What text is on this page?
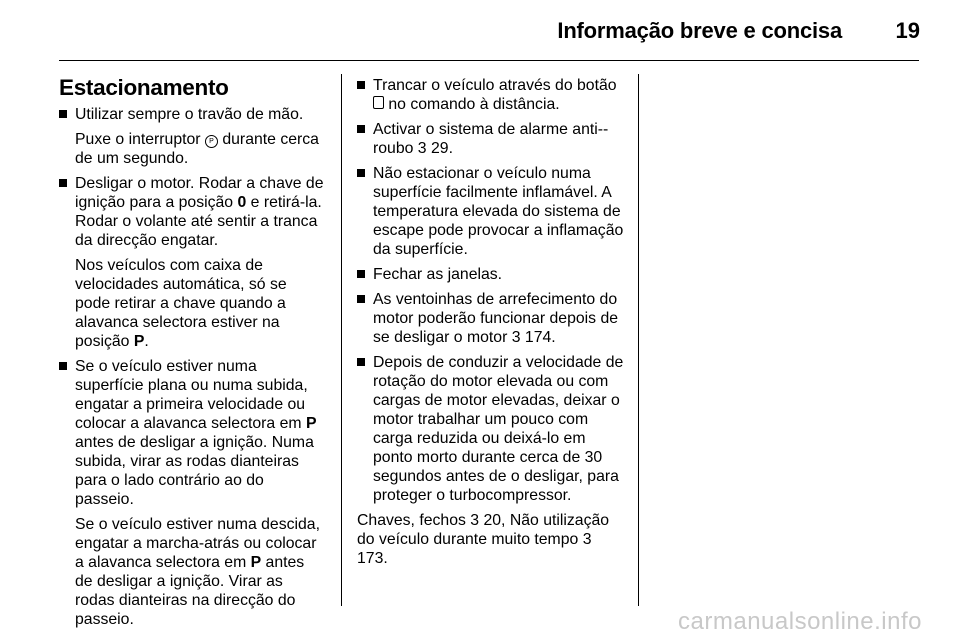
Informação breve e concisa 19
Estacionamento
Utilizar sempre o travão de mão.
Puxe o interruptor P durante cerca de um segundo.
Desligar o motor. Rodar a chave de ignição para a posição 0 e retirá-la. Rodar o volante até sentir a tranca da direcção engatar.
Nos veículos com caixa de velocidades automática, só se pode retirar a chave quando a alavanca selectora estiver na posição P.
Se o veículo estiver numa superfície plana ou numa subida, engatar a primeira velocidade ou colocar a alavanca selectora em P antes de desligar a ignição. Numa subida, virar as rodas dianteiras para o lado contrário ao do passeio.
Se o veículo estiver numa descida, engatar a marcha-atrás ou colocar a alavanca selectora em P antes de desligar a ignição. Virar as rodas dianteiras na direcção do passeio.
Trancar o veículo através do botão  no comando à distância.
Activar o sistema de alarme anti--roubo 3 29.
Não estacionar o veículo numa superfície facilmente inflamável. A temperatura elevada do sistema de escape pode provocar a inflamação da superfície.
Fechar as janelas.
As ventoinhas de arrefecimento do motor poderão funcionar depois de se desligar o motor 3 174.
Depois de conduzir a velocidade de rotação do motor elevada ou com cargas de motor elevadas, deixar o motor trabalhar um pouco com carga reduzida ou deixá-lo em ponto morto durante cerca de 30 segundos antes de o desligar, para proteger o turbocompressor.

Chaves, fechos 3 20, Não utilização do veículo durante muito tempo 3 173.

carmanualsonline.info
